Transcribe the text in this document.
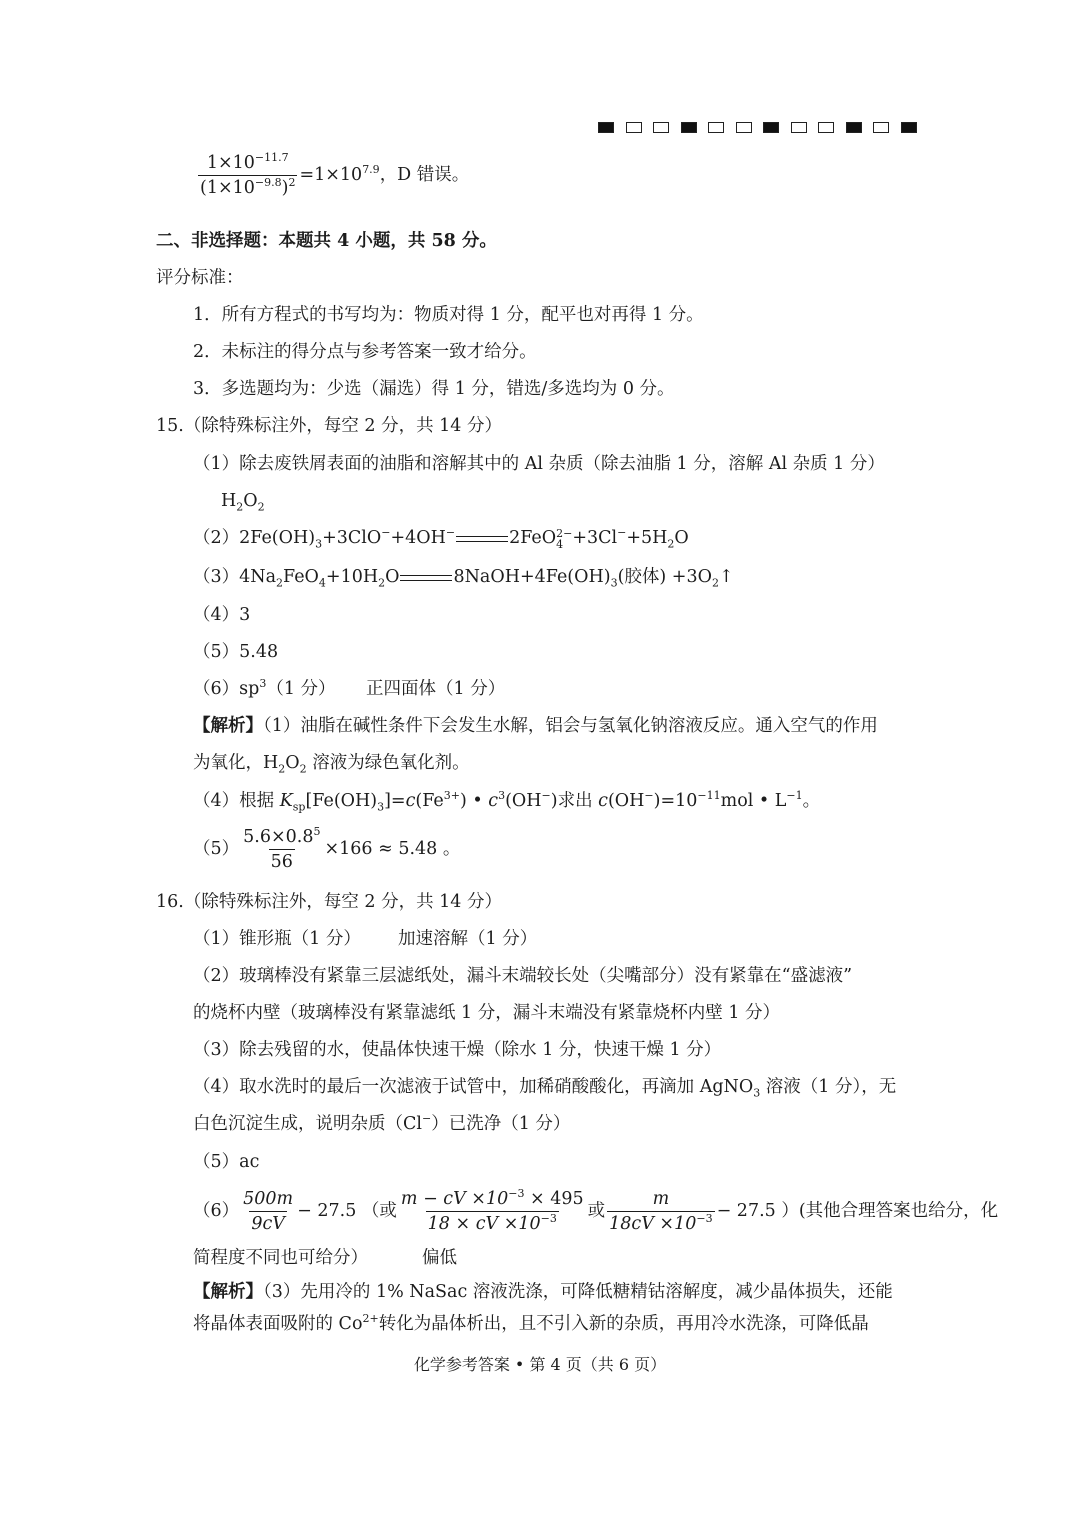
$\frac{1\times 10^{-11.7}}{(1\times 10^{-9.8})^2} =1\times 10^{7.9}$，D 错误。
二、非选择题：本题共 4 小题，共 58 分。
评分标准：
1．所有方程式的书写均为：物质对得 1 分，配平也对再得 1 分。
2．未标注的得分点与参考答案一致才给分。
3．多选题均为：少选（漏选）得 1 分，错选/多选均为 0 分。
15.（除特殊标注外，每空 2 分，共 14 分）
（1）除去废铁屑表面的油脂和溶解其中的 Al 杂质（除去油脂 1 分，溶解 Al 杂质 1 分）
$H_2O_2$
$(2)2Fe(OH)_3+3ClO^-+4OH^-$	2FeO 2−
$4 +3Cl^-+5H_2O$
$(3)4Na_2FeO_4+10H_2O$	$8NaOH+4Fe(OH)_3$(胶体) $+3O_2↑$
（4）3
（5）5.48
$(6)sp^3(1$ 分） 正四面体（1 分）
【解析】（1）油脂在碱性条件下会发生水解，铝会与氢氧化钠溶液反应。通入空气的作用
为氧化，$H_2O_2$ 溶液为绿色氧化剂。
（4）根据 $K_{sp}[Fe(OH)_3]=c(Fe^{3+})$ • $c^3(OH^-)$求出 $c(OH^-)=10^{-11}mol$ • $L^{-1}$。
$(5) \frac{5.6\times 0.8^5}{56} \times 166 \approx 5.48$ 。
16.（除特殊标注外，每空 2 分，共 14 分）
（1）锥形瓶（1 分） 加速溶解（1 分）
（2）玻璃棒没有紧靠三层滤纸处，漏斗末端较长处（尖嘴部分）没有紧靠在“盛滤液”
的烧杯内壁（玻璃棒没有紧靠滤纸 1 分，漏斗末端没有紧靠烧杯内壁 1 分）
（3）除去残留的水，使晶体快速干燥（除水 1 分，快速干燥 1 分）
（4）取水洗时的最后一次滤液于试管中，加稀硝酸酸化，再滴加 AgNO$_3$ 溶液（1 分），无
白色沉淀生成，说明杂质（Cl−）已洗净（1 分）
（5）ac
$(6) \frac{500m}{9cV} - 27.5$ （或 $\frac{m - cV \times 10^{-3} \times 495}{18 \times cV \times 10^{-3}}$ 或 $\frac{m}{18cV \times 10^{-3}} - 27.5$ ）(其他合理答案也给分，化
简程度不同也可给分）	偏低
【解析】（3）先用冷的 1% NaSac 溶液洗涤，可降低糖精钴溶解度，减少晶体损失，还能
将晶体表面吸附的 $Co^{2+}$转化为晶体析出，且不引入新的杂质，再用冷水洗涤，可降低晶
化学参考答案 • 第 4 页（共 6 页）
